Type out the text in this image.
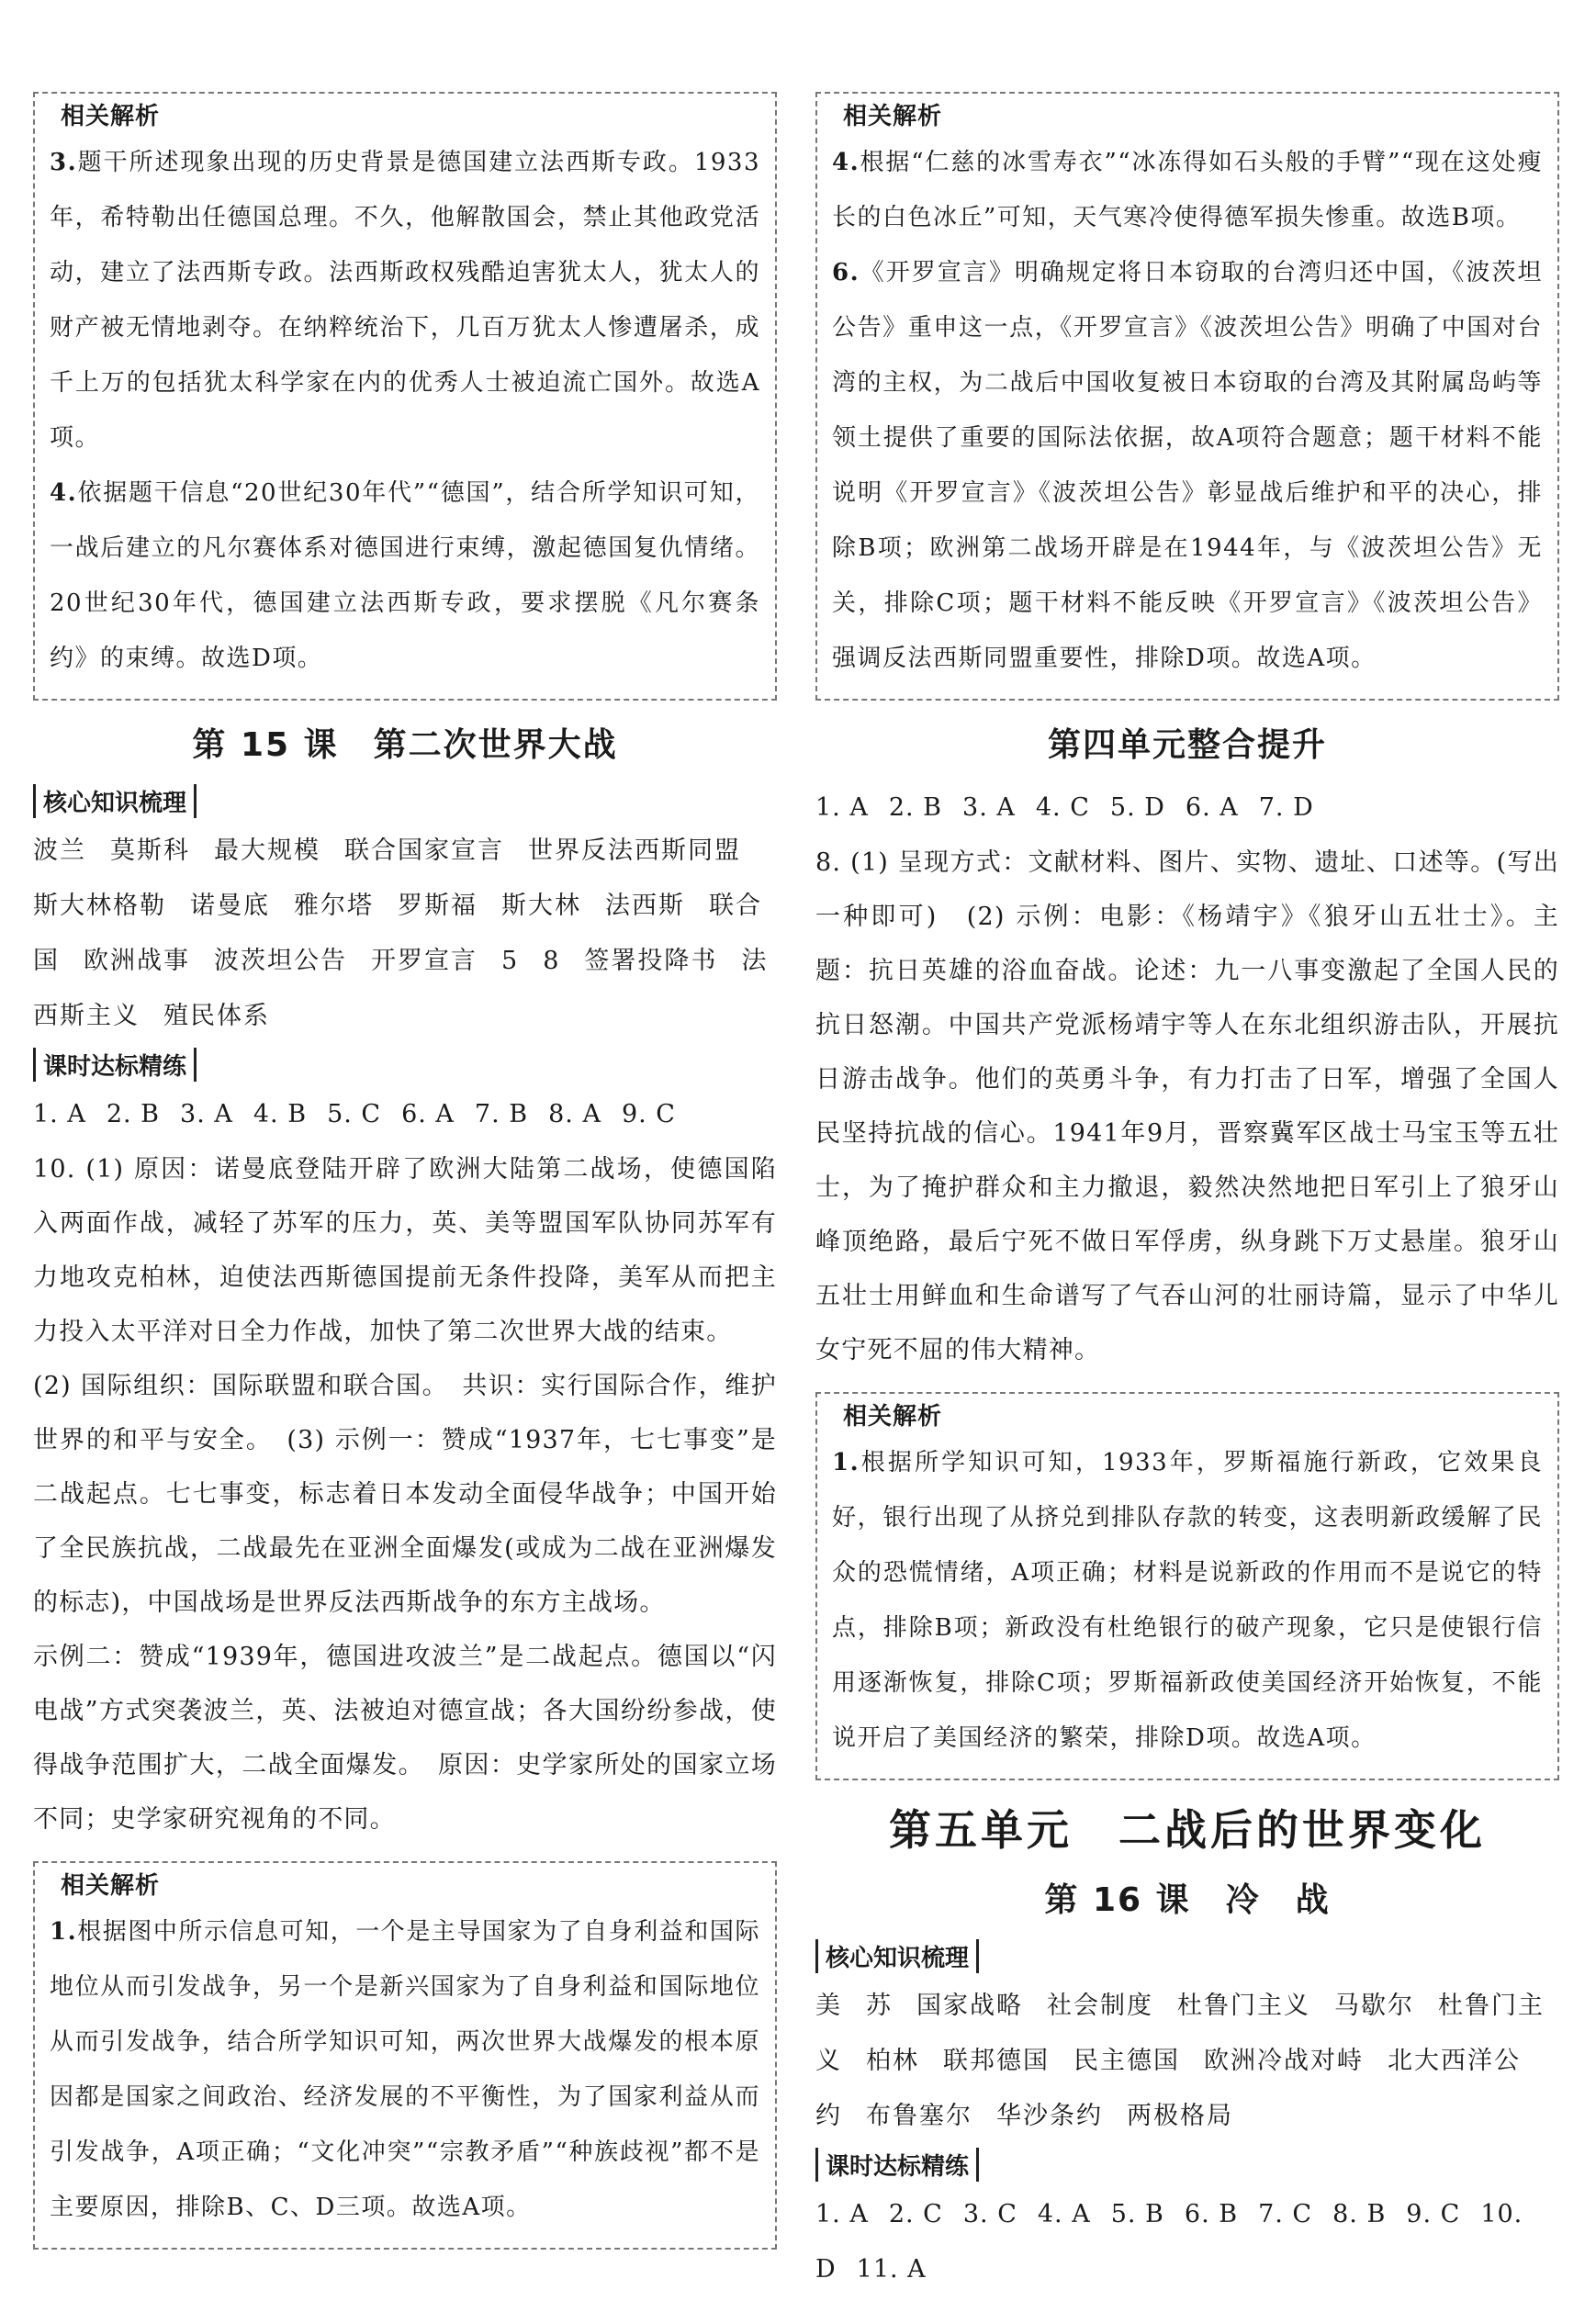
相关解析

3.题干所述现象出现的历史背景是德国建立法西斯专政。1933年，希特勒出任德国总理。不久，他解散国会，禁止其他政党活动，建立了法西斯专政。法西斯政权残酷迫害犹太人，犹太人的财产被无情地剥夺。在纳粹统治下，几百万犹太人惨遭屠杀，成千上万的包括犹太科学家在内的优秀人士被迫流亡国外。故选A项。

4.依据题干信息“20世纪30年代”“德国”，结合所学知识可知，一战后建立的凡尔赛体系对德国进行束缚，激起德国复仇情绪。20世纪30年代，德国建立法西斯专政，要求摆脱《凡尔赛条约》的束缚。故选D项。

第 15 课　第二次世界大战
核心知识梳理

波兰 莫斯科 最大规模 联合国家宣言 世界反法西斯同盟斯大林格勒 诺曼底 雅尔塔 罗斯福 斯大林 法西斯 联合国 欧洲战事 波茨坦公告 开罗宣言 5 8 签署投降书 法西斯主义 殖民体系

课时达标精练

1. A 2. B 3. A 4. B 5. C 6. A 7. B 8. A 9. C

10. (1) 原因：诺曼底登陆开辟了欧洲大陆第二战场，使德国陷入两面作战，减轻了苏军的压力，英、美等盟国军队协同苏军有力地攻克柏林，迫使法西斯德国提前无条件投降，美军从而把主力投入太平洋对日全力作战，加快了第二次世界大战的结束。

(2) 国际组织：国际联盟和联合国。　共识：实行国际合作，维护世界的和平与安全。　(3) 示例一：赞成“1937年，七七事变”是二战起点。七七事变，标志着日本发动全面侵华战争；中国开始了全民族抗战，二战最先在亚洲全面爆发(或成为二战在亚洲爆发的标志)，中国战场是世界反法西斯战争的东方主战场。

示例二：赞成“1939年，德国进攻波兰”是二战起点。德国以“闪电战”方式突袭波兰，英、法被迫对德宣战；各大国纷纷参战，使得战争范围扩大，二战全面爆发。　原因：史学家所处的国家立场不同；史学家研究视角的不同。

相关解析

1.根据图中所示信息可知，一个是主导国家为了自身利益和国际地位从而引发战争，另一个是新兴国家为了自身利益和国际地位从而引发战争，结合所学知识可知，两次世界大战爆发的根本原因都是国家之间政治、经济发展的不平衡性，为了国家利益从而引发战争，A项正确；“文化冲突”“宗教矛盾”“种族歧视”都不是主要原因，排除B、C、D三项。故选A项。

相关解析

4.根据“仁慈的冰雪寿衣”“冰冻得如石头般的手臂”“现在这处瘦长的白色冰丘”可知，天气寒冷使得德军损失惨重。故选B项。

6.《开罗宣言》明确规定将日本窃取的台湾归还中国，《波茨坦公告》重申这一点，《开罗宣言》《波茨坦公告》明确了中国对台湾的主权，为二战后中国收复被日本窃取的台湾及其附属岛屿等领土提供了重要的国际法依据，故A项符合题意；题干材料不能说明《开罗宣言》《波茨坦公告》彰显战后维护和平的决心，排除B项；欧洲第二战场开辟是在1944年，与《波茨坦公告》无关，排除C项；题干材料不能反映《开罗宣言》《波茨坦公告》强调反法西斯同盟重要性，排除D项。故选A项。

第四单元整合提升

1. A 2. B 3. A 4. C 5. D 6. A 7. D

8. (1) 呈现方式：文献材料、图片、实物、遗址、口述等。(写出一种即可)　(2) 示例：电影：《杨靖宇》《狼牙山五壮士》。主题：抗日英雄的浴血奋战。论述：九一八事变激起了全国人民的抗日怒潮。中国共产党派杨靖宇等人在东北组织游击队，开展抗日游击战争。他们的英勇斗争，有力打击了日军，增强了全国人民坚持抗战的信心。1941年9月，晋察冀军区战士马宝玉等五壮士，为了掩护群众和主力撤退，毅然决然地把日军引上了狼牙山峰顶绝路，最后宁死不做日军俘虏，纵身跳下万丈悬崖。狼牙山五壮士用鲜血和生命谱写了气吞山河的壮丽诗篇，显示了中华儿女宁死不屈的伟大精神。

相关解析

1.根据所学知识可知，1933年，罗斯福施行新政，它效果良好，银行出现了从挤兑到排队存款的转变，这表明新政缓解了民众的恐慌情绪，A项正确；材料是说新政的作用而不是说它的特点，排除B项；新政没有杜绝银行的破产现象，它只是使银行信用逐渐恢复，排除C项；罗斯福新政使美国经济开始恢复，不能说开启了美国经济的繁荣，排除D项。故选A项。

第五单元　二战后的世界变化
第 16 课　冷　战
核心知识梳理

美 苏 国家战略 社会制度 杜鲁门主义 马歇尔 杜鲁门主义 柏林 联邦德国 民主德国 欧洲冷战对峙 北大西洋公约 布鲁塞尔 华沙条约 两极格局

课时达标精练

1. A 2. C 3. C 4. A 5. B 6. B 7. C 8. B 9. C 10. D 11. A
